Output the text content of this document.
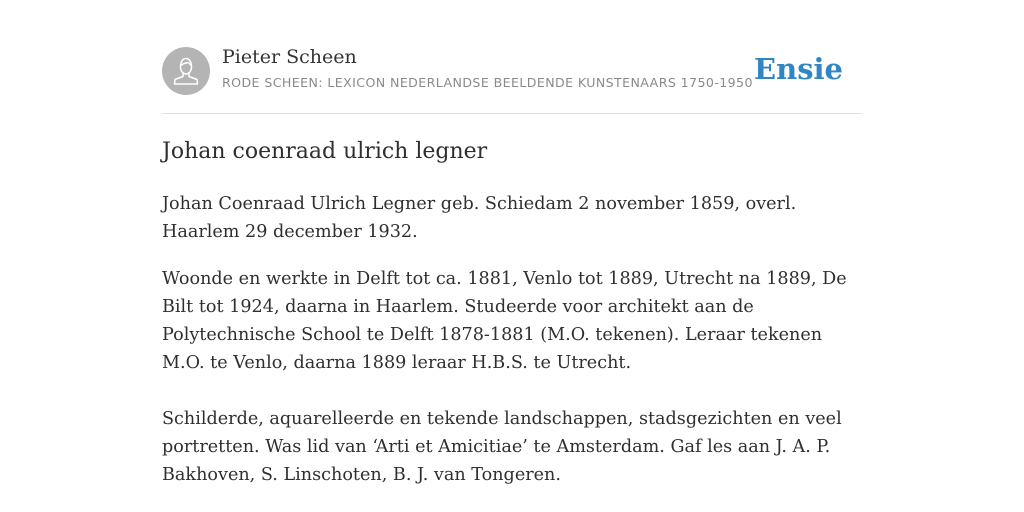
Pieter Scheen
RODE SCHEEN: LEXICON NEDERLANDSE BEELDENDE KUNSTENAARS 1750-1950 Ensie
Johan coenraad ulrich legner

Johan Coenraad Ulrich Legner geb. Schiedam 2 november 1859, overl. Haarlem 29 december 1932.

Woonde en werkte in Delft tot ca. 1881, Venlo tot 1889, Utrecht na 1889, De Bilt tot 1924, daarna in Haarlem. Studeerde voor architekt aan de Polytechnische School te Delft 1878-1881 (M.O. tekenen). Leraar tekenen M.O. te Venlo, daarna 1889 leraar H.B.S. te Utrecht.

Schilderde, aquarelleerde en tekende landschappen, stadsgezichten en veel portretten. Was lid van ‘Arti et Amicitiae’ te Amsterdam. Gaf les aan J. A. P. Bakhoven, S. Linschoten, B. J. van Tongeren.
